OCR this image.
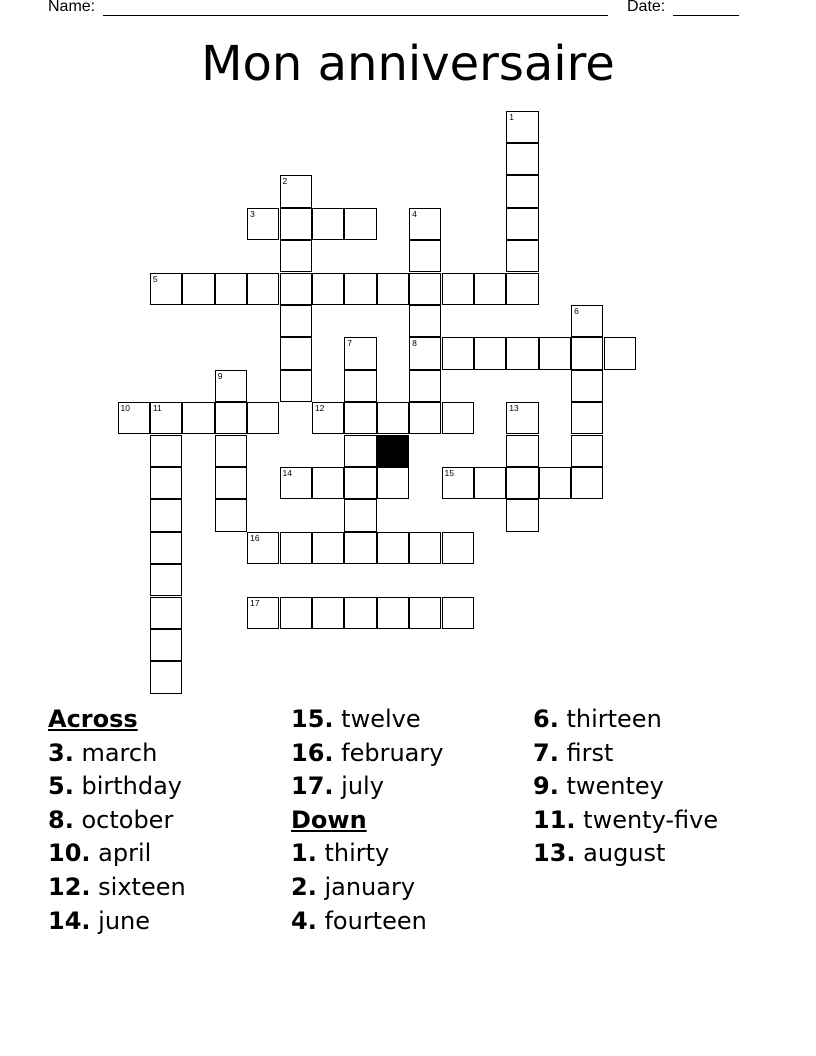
Name:	Date:
Mon anniversaire
3
5
8
10	11	12
14	15
16
17
1
2
4
6
7
9
13
Across
3. march
5. birthday
8. october
10. april
12. sixteen
14. june
15. twelve
16. february
17. july
Down
1. thirty
2. january
4. fourteen
6. thirteen
7. first
9. twentey
11. twenty-five
13. august
